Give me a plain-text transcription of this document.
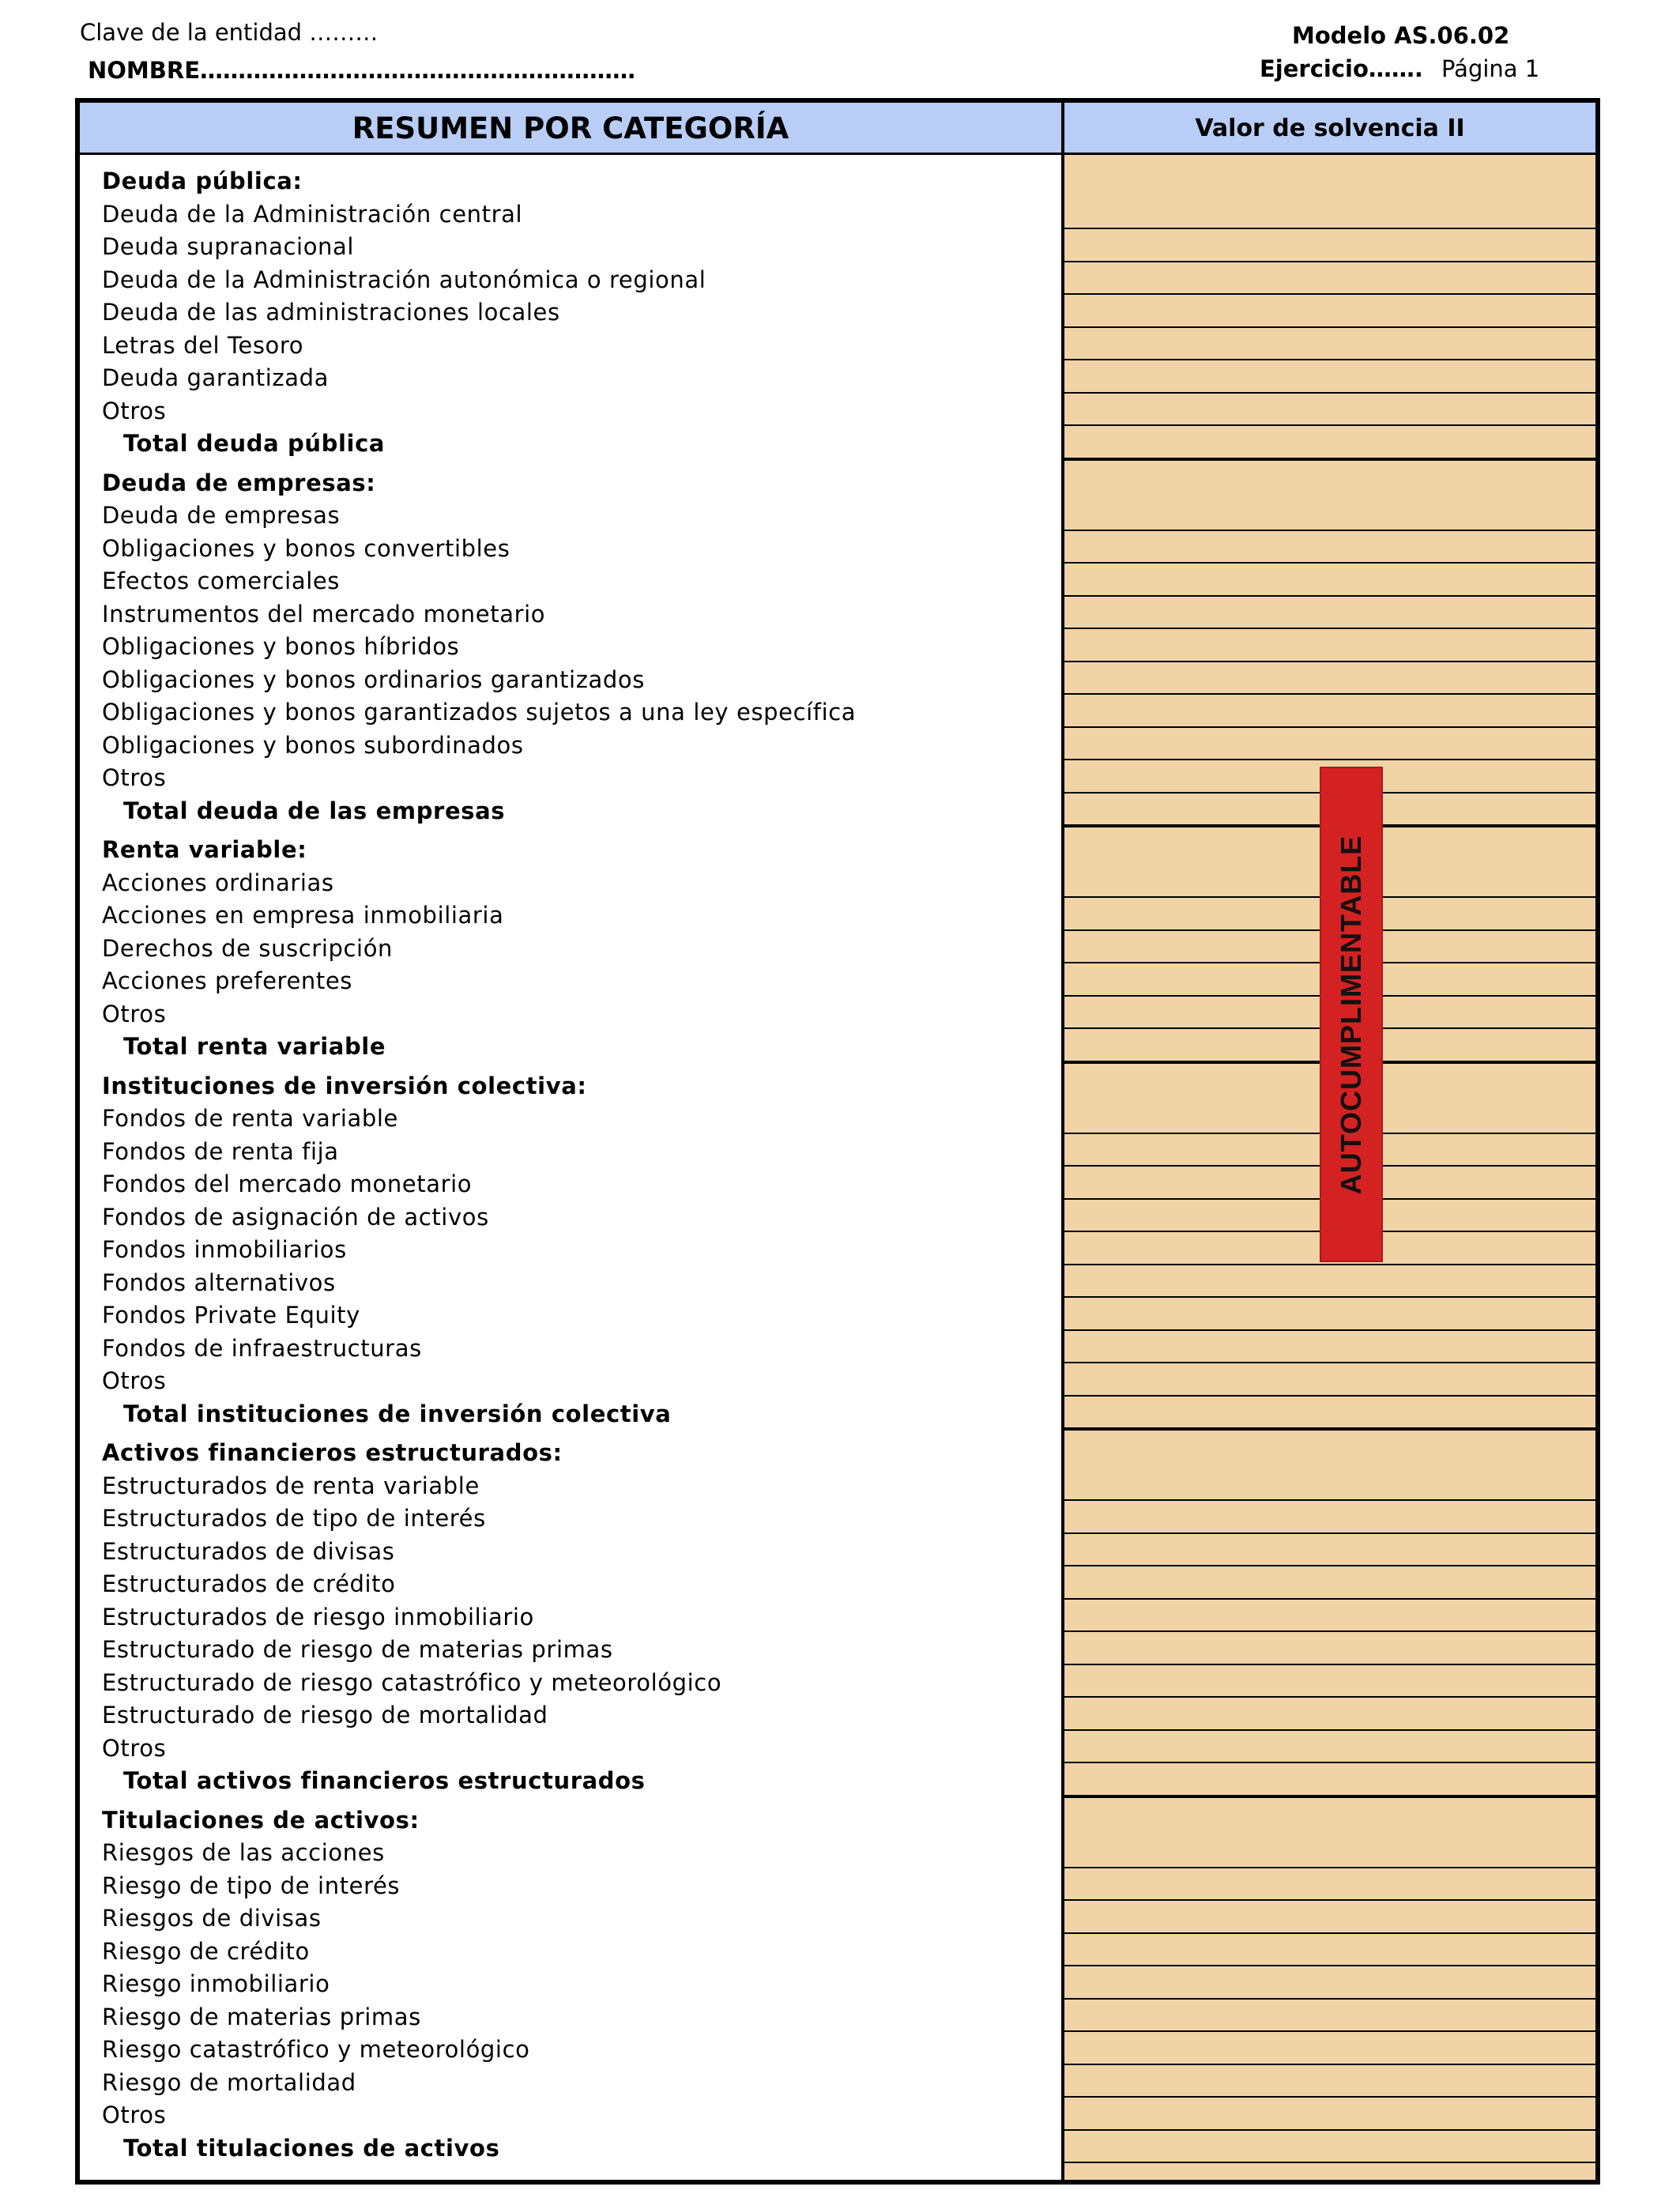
Clave de la entidad ………
NOMBRE…………………………………………………
Modelo AS.06.02
Ejercicio……. Página 1
RESUMEN POR CATEGORÍA	Valor de solvencia II
Deuda pública:
Deuda de la Administración central
Deuda supranacional
Deuda de la Administración autonómica o regional
Deuda de las administraciones locales
Letras del Tesoro
Deuda garantizada
Otros
Total deuda pública
Deuda de empresas:
Deuda de empresas
Obligaciones y bonos convertibles
Efectos comerciales
Instrumentos del mercado monetario
Obligaciones y bonos híbridos
Obligaciones y bonos ordinarios garantizados
Obligaciones y bonos garantizados sujetos a una ley específica
Obligaciones y bonos subordinados
Otros
Total deuda de las empresas
Renta variable:
Acciones ordinarias
Acciones en empresa inmobiliaria
Derechos de suscripción
Acciones preferentes
Otros
Total renta variable
Instituciones de inversión colectiva:
Fondos de renta variable
Fondos de renta fija
Fondos del mercado monetario
Fondos de asignación de activos
Fondos inmobiliarios
Fondos alternativos
Fondos Private Equity
Fondos de infraestructuras
Otros
Total instituciones de inversión colectiva
Activos financieros estructurados:
Estructurados de renta variable
Estructurados de tipo de interés
Estructurados de divisas
Estructurados de crédito
Estructurados de riesgo inmobiliario
Estructurado de riesgo de materias primas
Estructurado de riesgo catastrófico y meteorológico
Estructurado de riesgo de mortalidad
Otros
Total activos financieros estructurados
Titulaciones de activos:
Riesgos de las acciones
Riesgo de tipo de interés
Riesgos de divisas
Riesgo de crédito
Riesgo inmobiliario
Riesgo de materias primas
Riesgo catastrófico y meteorológico
Riesgo de mortalidad
Otros
Total titulaciones de activos
AUTOCUMPLIMENTABLE
